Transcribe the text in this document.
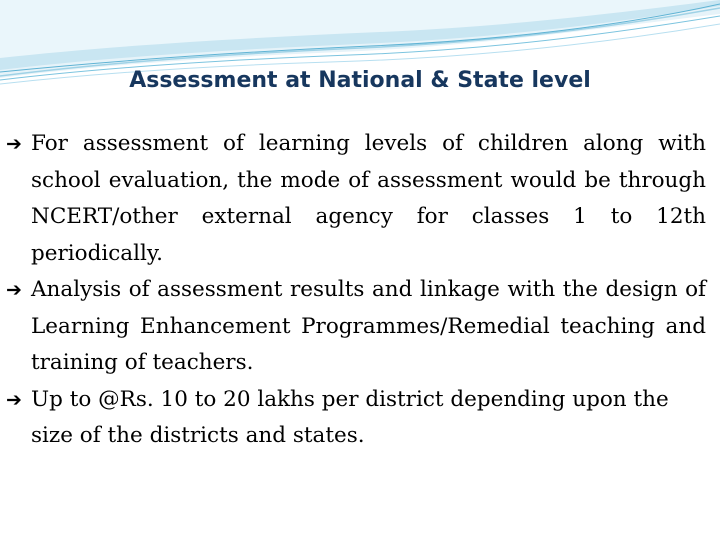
Assessment at National & State level
➔ For assessment of learning levels of children along with school evaluation, the mode of assessment would be through NCERT/other external agency for classes 1 to 12th periodically.
➔ Analysis of assessment results and linkage with the design of Learning Enhancement Programmes/Remedial teaching and training of teachers.
➔ Up to @Rs. 10 to 20 lakhs per district depending upon the size of the districts and states.
